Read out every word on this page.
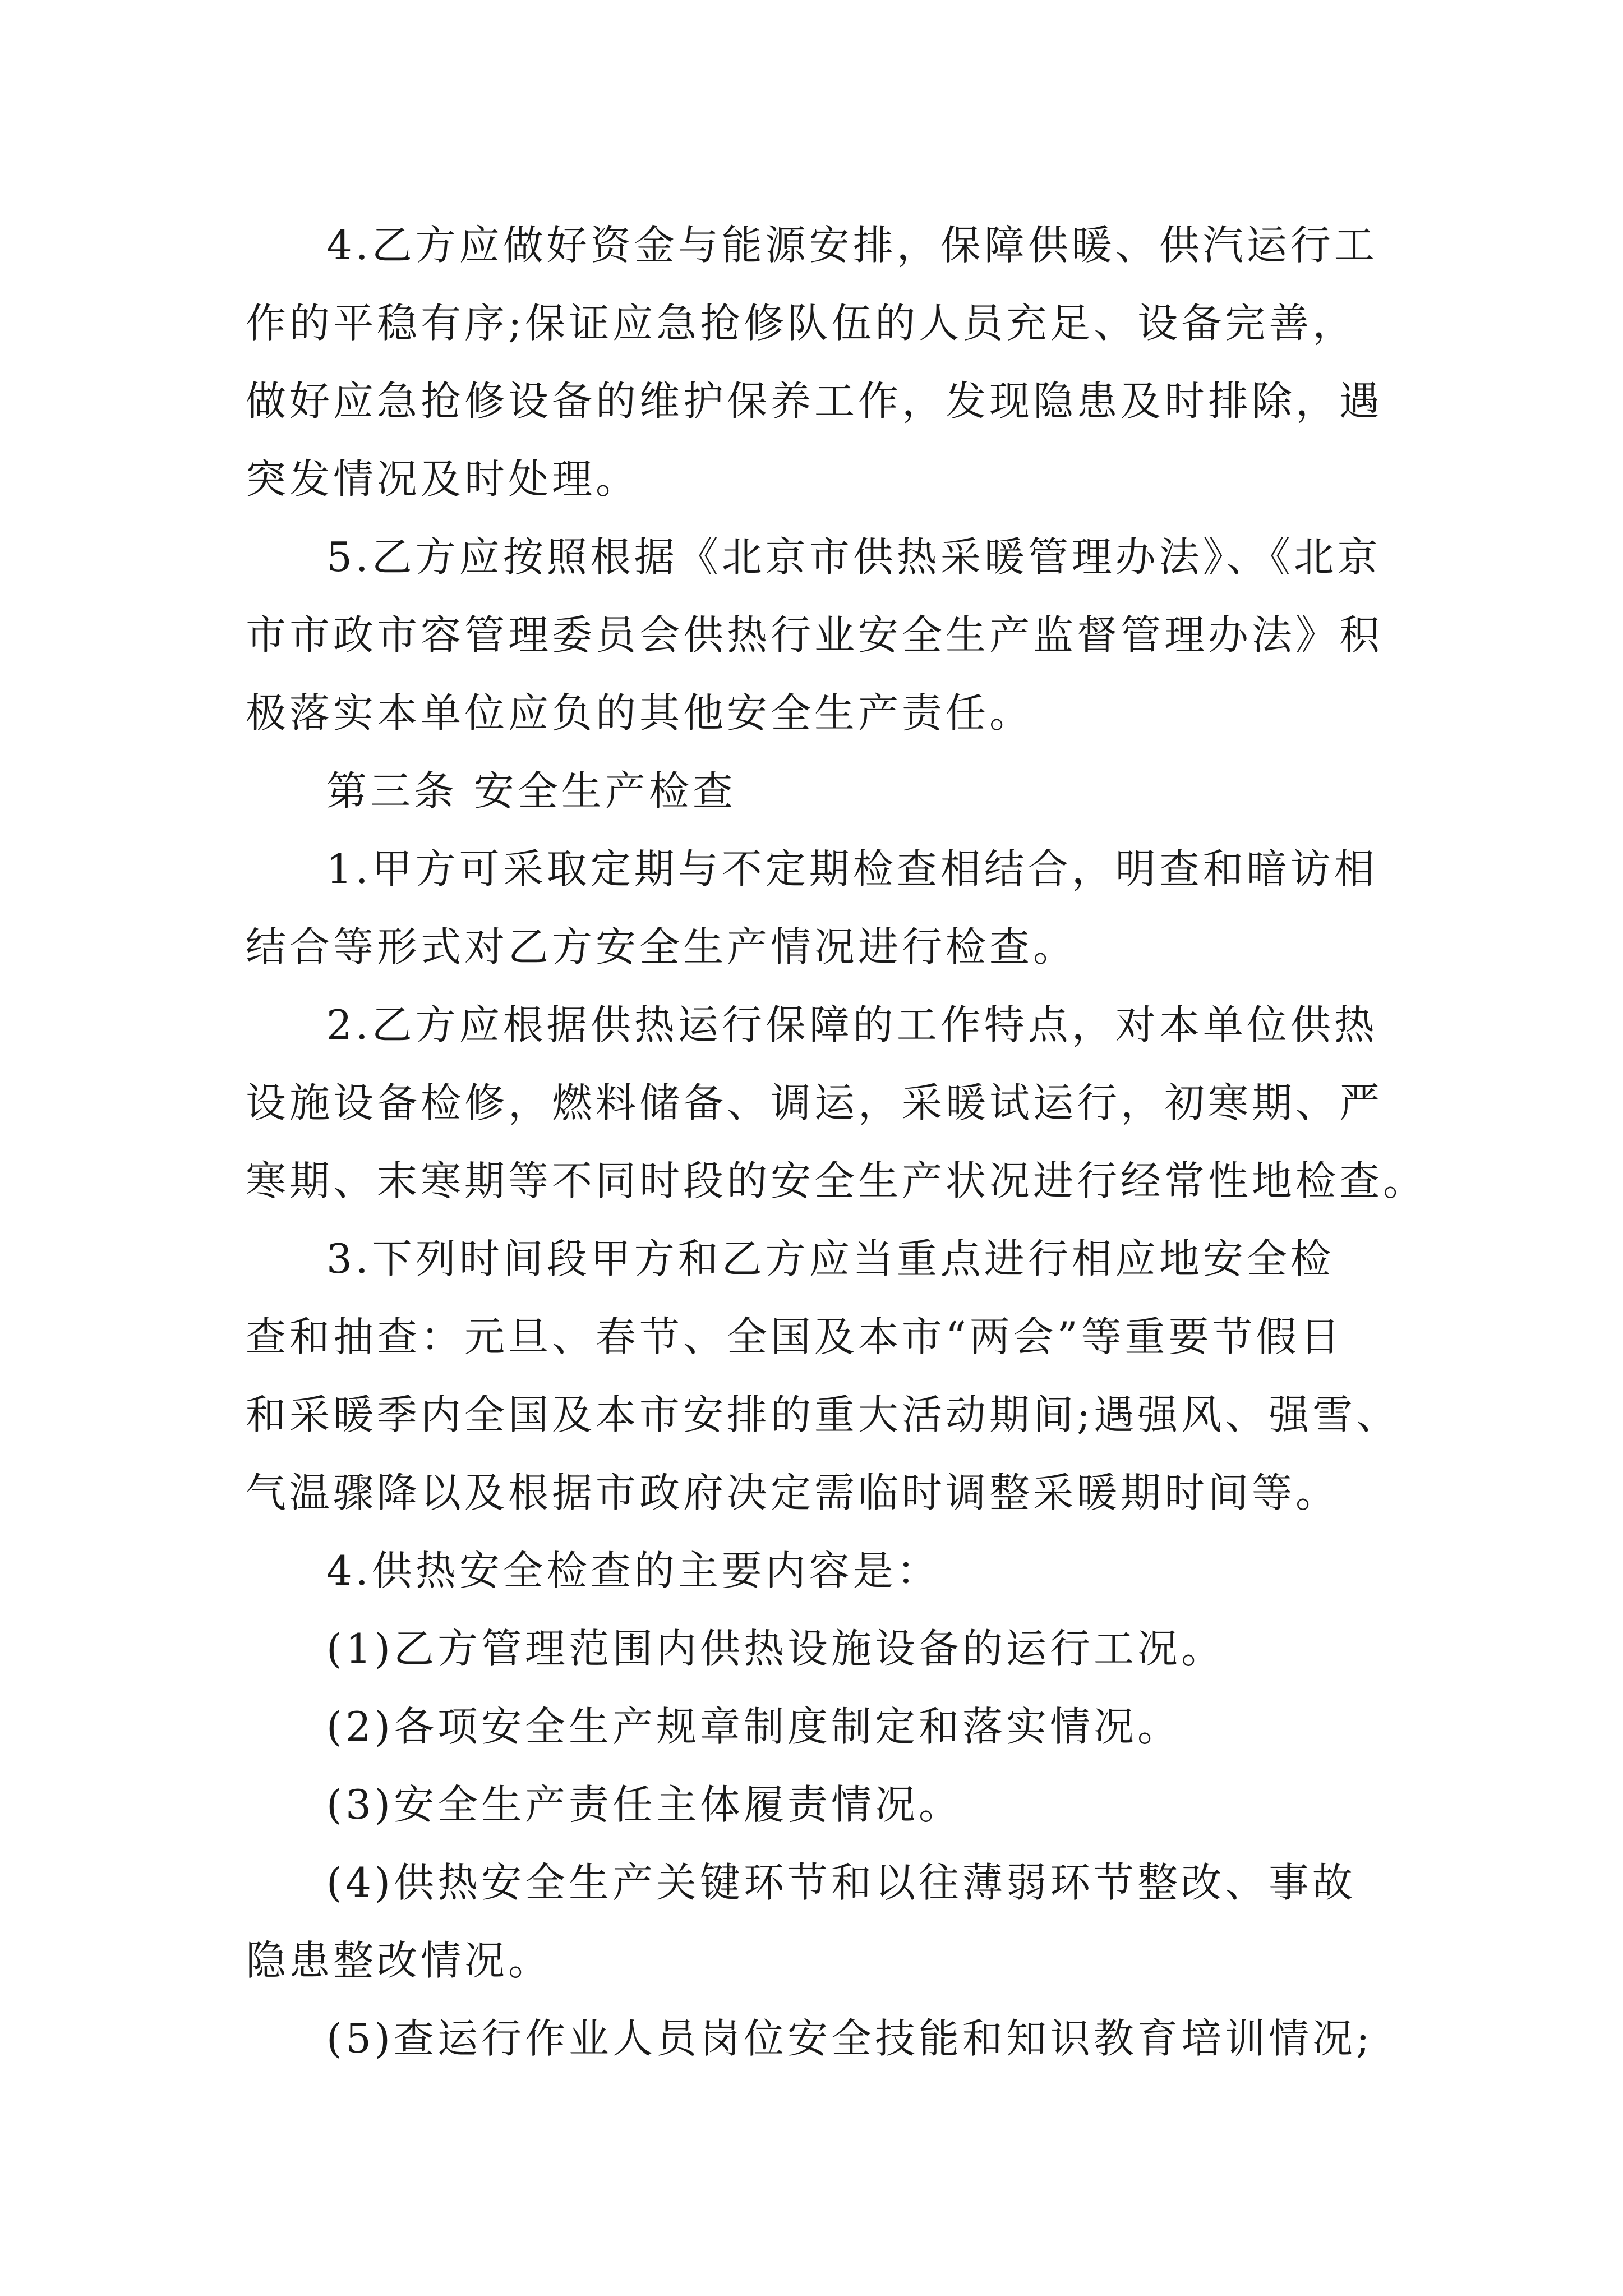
4.乙方应做好资金与能源安排，保障供暖、供汽运行工
作的平稳有序;保证应急抢修队伍的人员充足、设备完善，
做好应急抢修设备的维护保养工作，发现隐患及时排除，遇
突发情况及时处理。
5.乙方应按照根据《北京市供热采暖管理办法》、《北京
市市政市容管理委员会供热行业安全生产监督管理办法》积
极落实本单位应负的其他安全生产责任。
第三条 安全生产检查
1.甲方可采取定期与不定期检查相结合，明查和暗访相
结合等形式对乙方安全生产情况进行检查。
2.乙方应根据供热运行保障的工作特点，对本单位供热
设施设备检修，燃料储备、调运，采暖试运行，初寒期、严
寒期、末寒期等不同时段的安全生产状况进行经常性地检查。
3.下列时间段甲方和乙方应当重点进行相应地安全检
查和抽查：元旦、春节、全国及本市“两会”等重要节假日
和采暖季内全国及本市安排的重大活动期间;遇强风、强雪、
气温骤降以及根据市政府决定需临时调整采暖期时间等。
4.供热安全检查的主要内容是：
(1)乙方管理范围内供热设施设备的运行工况。
(2)各项安全生产规章制度制定和落实情况。
(3)安全生产责任主体履责情况。
(4)供热安全生产关键环节和以往薄弱环节整改、事故
隐患整改情况。
(5)查运行作业人员岗位安全技能和知识教育培训情况;
